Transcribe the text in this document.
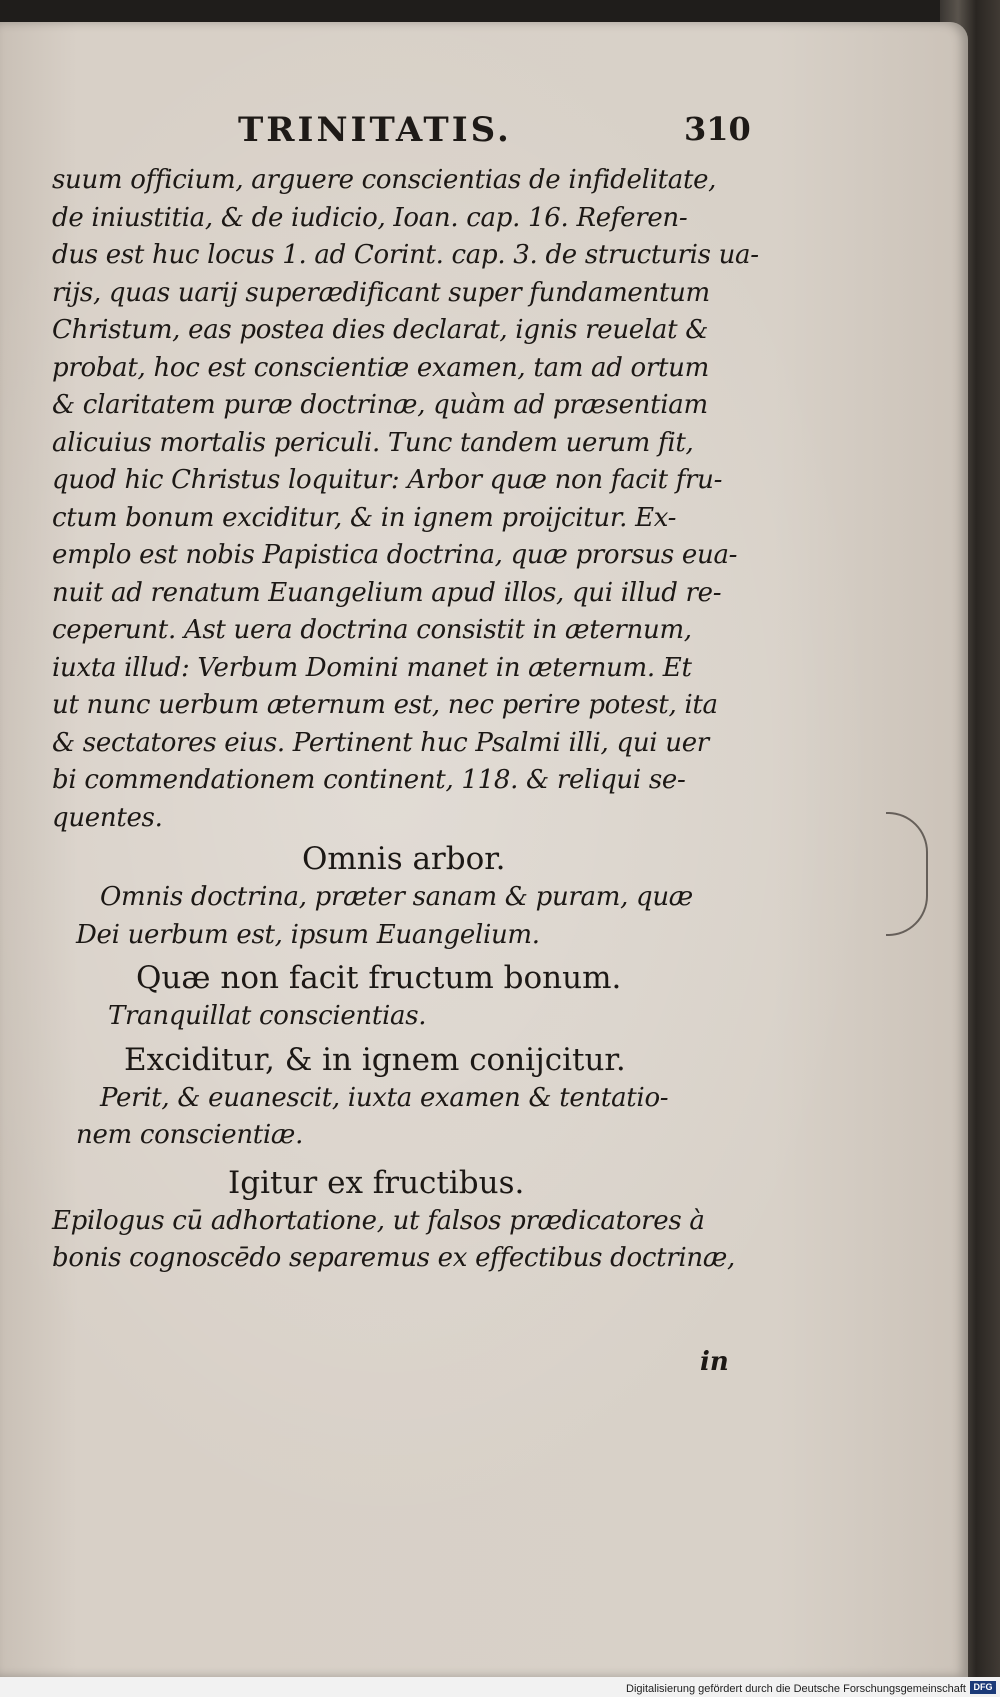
TRINITATIS.	310
suum officium, arguere conscientias de infidelitate,
de iniustitia, & de iudicio, Ioan. cap. 16. Referen-
dus est huc locus 1. ad Corint. cap. 3. de structuris ua-
rijs, quas uarij superædificant super fundamentum
Christum, eas postea dies declarat, ignis reuelat &
probat, hoc est conscientiæ examen, tam ad ortum
& claritatem puræ doctrinæ, quàm ad præsentiam
alicuius mortalis periculi. Tunc tandem uerum fit,
quod hic Christus loquitur: Arbor quæ non facit fru-
ctum bonum exciditur, & in ignem proijcitur. Ex-
emplo est nobis Papistica doctrina, quæ prorsus eua-
nuit ad renatum Euangelium apud illos, qui illud re-
ceperunt. Ast uera doctrina consistit in æternum,
iuxta illud: Verbum Domini manet in æternum. Et
ut nunc uerbum æternum est, nec perire potest, ita
& sectatores eius. Pertinent huc Psalmi illi, qui uer
bi commendationem continent, 118. & reliqui se-
quentes.
Omnis arbor.
Omnis doctrina, præter sanam & puram, quæ
Dei uerbum est, ipsum Euangelium.
Quæ non facit fructum bonum.
Tranquillat conscientias.
Exciditur, & in ignem conijcitur.
Perit, & euanescit, iuxta examen & tentatio-
nem conscientiæ.
Igitur ex fructibus.
Epilogus cū adhortatione, ut falsos prædicatores à
bonis cognoscēdo separemus ex effectibus doctrinæ,
in
Digitalisierung gefördert durch die Deutsche Forschungsgemeinschaft DFG
